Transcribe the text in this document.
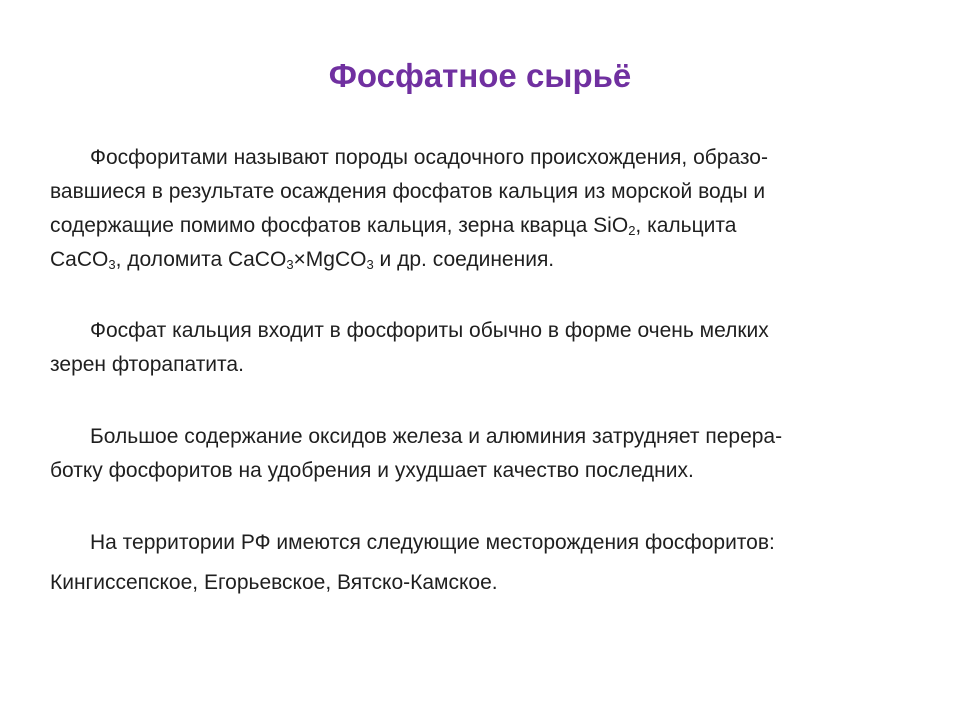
Фосфатное сырьё

Фосфоритами называют породы осадочного происхождения, образо-
вавшиеся в результате осаждения фосфатов кальция из морской воды и
содержащие помимо фосфатов кальция, зерна кварца SiO$_2$, кальцита
CaCO$_3$, доломита CaCO$_3$×MgCO$_3$ и др. соединения.

Фосфат кальция входит в фосфориты обычно в форме очень мелких
зерен фторапатита.

Большое содержание оксидов железа и алюминия затрудняет перера-
ботку фосфоритов на удобрения и ухудшает качество последних.

На территории РФ имеются следующие месторождения фосфоритов:
Кингиссепское, Егорьевское, Вятско-Камское.
